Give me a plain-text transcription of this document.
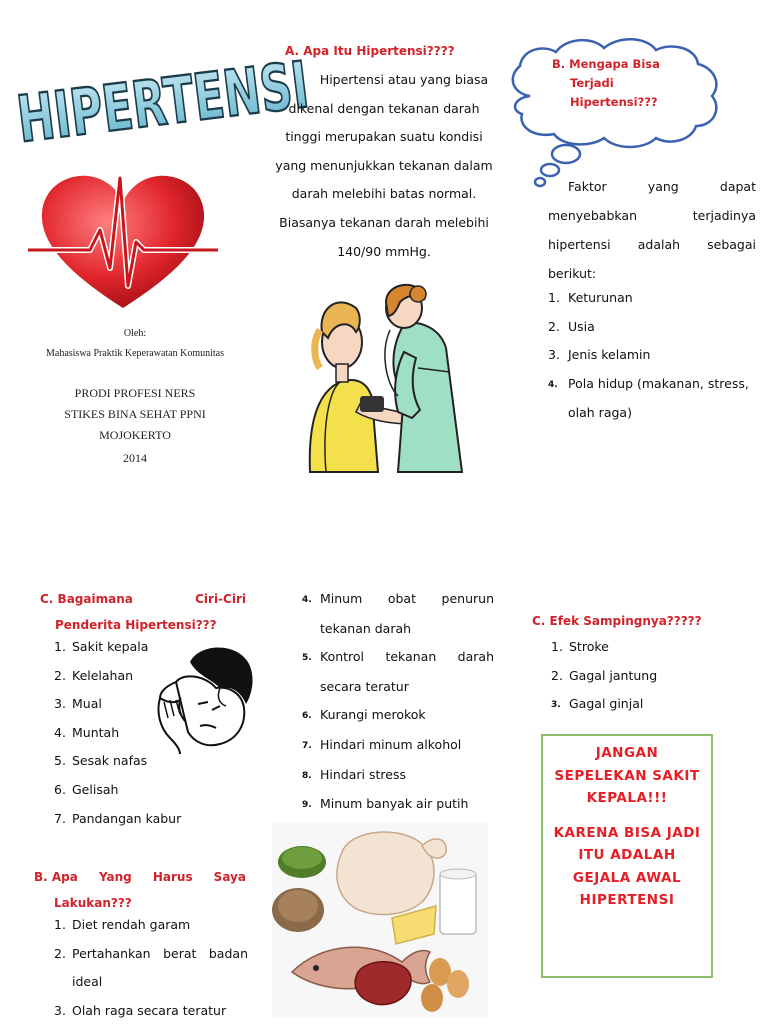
HIPERTENSI
Oleh:
Mahasiswa Praktik Keperawatan Komunitas
PRODI PROFESI NERS
STIKES BINA SEHAT PPNI
MOJOKERTO
2014
A. Apa Itu Hipertensi????
Hipertensi atau yang biasa
dikenal dengan tekanan darah
tinggi merupakan suatu kondisi
yang menunjukkan tekanan dalam
darah melebihi batas normal.
Biasanya tekanan darah melebihi
140/90 mmHg.
B. Mengapa Bisa
Terjadi
Hipertensi???
Faktor yang dapat
menyebabkan terjadinya
hipertensi adalah sebagai
berikut:
1. Keturunan
2. Usia
3. Jenis kelamin
4. Pola hidup (makanan, stress,
olah raga)
C. Bagaimana	Ciri-Ciri
Penderita Hipertensi???
1. Sakit kepala
2. Kelelahan
3. Mual
4. Muntah
5. Sesak nafas
6. Gelisah
7. Pandangan kabur
B. Apa Yang Harus Saya
Lakukan???
1. Diet rendah garam
2. Pertahankan berat badan
ideal
3. Olah raga secara teratur
4. Minum obat penurun
tekanan darah
5. Kontrol tekanan darah
secara teratur
6. Kurangi merokok
7. Hindari minum alkohol
8. Hindari stress
9. Minum banyak air putih
C. Efek Sampingnya?????
1. Stroke
2. Gagal jantung
3. Gagal ginjal
JANGAN SEPELEKAN SAKIT KEPALA!!!
KARENA BISA JADI ITU ADALAH GEJALA AWAL HIPERTENSI
